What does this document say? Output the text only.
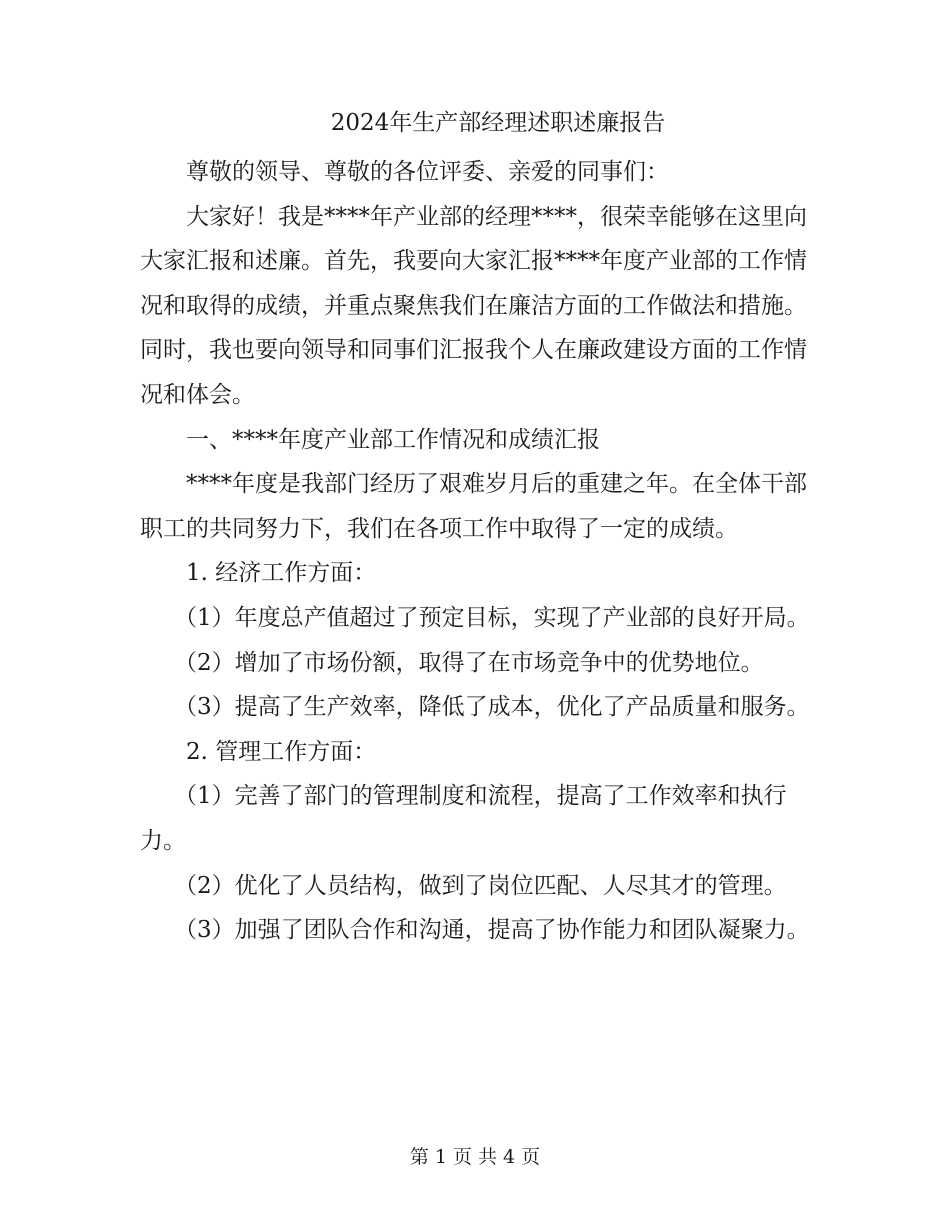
2024年生产部经理述职述廉报告

尊敬的领导、尊敬的各位评委、亲爱的同事们：

大家好！我是****年产业部的经理****，很荣幸能够在这里向大家汇报和述廉。首先，我要向大家汇报****年度产业部的工作情况和取得的成绩，并重点聚焦我们在廉洁方面的工作做法和措施。同时，我也要向领导和同事们汇报我个人在廉政建设方面的工作情况和体会。

一、****年度产业部工作情况和成绩汇报

****年度是我部门经历了艰难岁月后的重建之年。在全体干部职工的共同努力下，我们在各项工作中取得了一定的成绩。

1. 经济工作方面：

（1）年度总产值超过了预定目标，实现了产业部的良好开局。

（2）增加了市场份额，取得了在市场竞争中的优势地位。

（3）提高了生产效率，降低了成本，优化了产品质量和服务。

2. 管理工作方面：

（1）完善了部门的管理制度和流程，提高了工作效率和执行力。

（2）优化了人员结构，做到了岗位匹配、人尽其才的管理。

（3）加强了团队合作和沟通，提高了协作能力和团队凝聚力。

第 1 页 共 4 页
